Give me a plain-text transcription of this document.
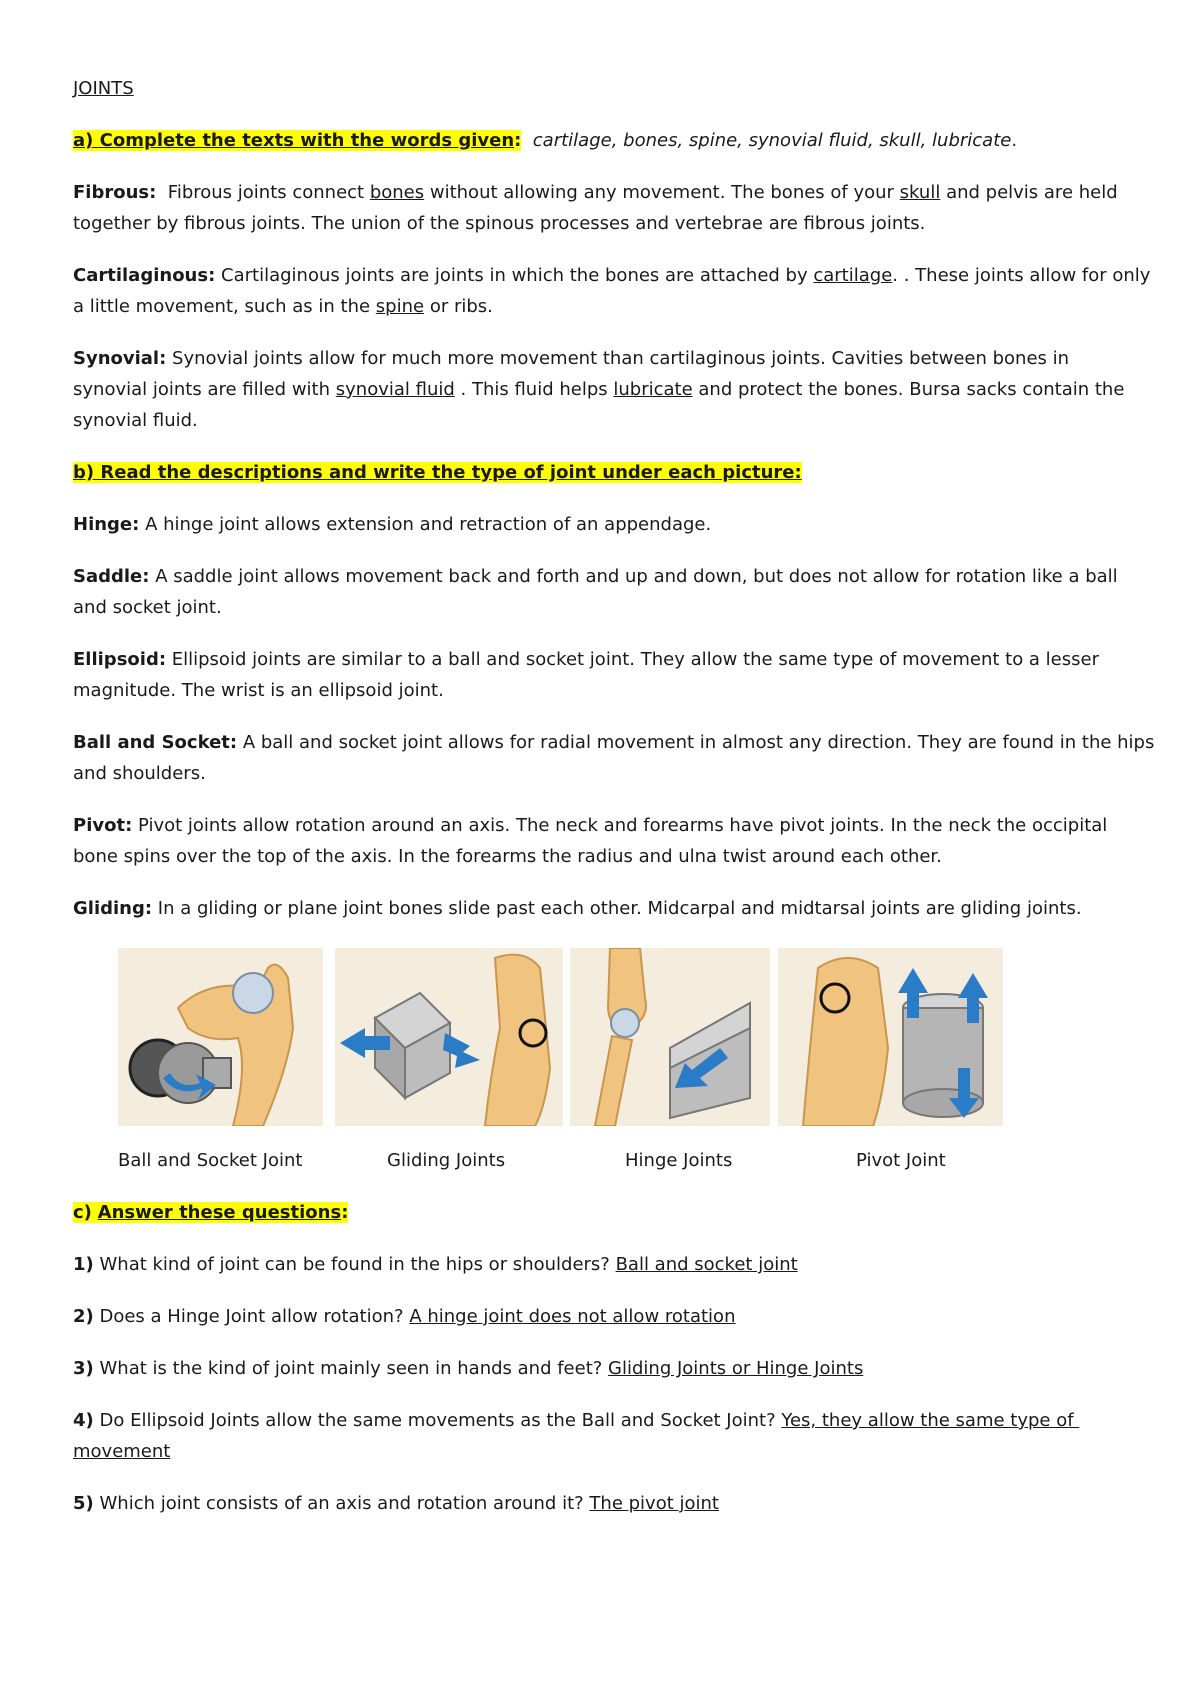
JOINTS
a) Complete the texts with the words given:  cartilage, bones, spine, synovial fluid, skull, lubricate.
Fibrous:  Fibrous joints connect bones without allowing any movement. The bones of your skull and pelvis are held
together by fibrous joints. The union of the spinous processes and vertebrae are fibrous joints.
Cartilaginous: Cartilaginous joints are joints in which the bones are attached by cartilage. . These joints allow for only
a little movement, such as in the spine or ribs.
Synovial: Synovial joints allow for much more movement than cartilaginous joints. Cavities between bones in
synovial joints are filled with synovial fluid . This fluid helps lubricate and protect the bones. Bursa sacks contain the
synovial fluid.
b) Read the descriptions and write the type of joint under each picture:
Hinge: A hinge joint allows extension and retraction of an appendage.
Saddle: A saddle joint allows movement back and forth and up and down, but does not allow for rotation like a ball
and socket joint.
Ellipsoid: Ellipsoid joints are similar to a ball and socket joint. They allow the same type of movement to a lesser
magnitude. The wrist is an ellipsoid joint.
Ball and Socket: A ball and socket joint allows for radial movement in almost any direction. They are found in the hips
and shoulders.
Pivot: Pivot joints allow rotation around an axis. The neck and forearms have pivot joints. In the neck the occipital
bone spins over the top of the axis. In the forearms the radius and ulna twist around each other.
Gliding: In a gliding or plane joint bones slide past each other. Midcarpal and midtarsal joints are gliding joints.
Ball and Socket Joint	Gliding Joints	Hinge Joints	Pivot Joint
c) Answer these questions:
1) What kind of joint can be found in the hips or shoulders? Ball and socket joint
2) Does a Hinge Joint allow rotation? A hinge joint does not allow rotation
3) What is the kind of joint mainly seen in hands and feet? Gliding Joints or Hinge Joints
4) Do Ellipsoid Joints allow the same movements as the Ball and Socket Joint? Yes, they allow the same type of
movement
5) Which joint consists of an axis and rotation around it? The pivot joint
